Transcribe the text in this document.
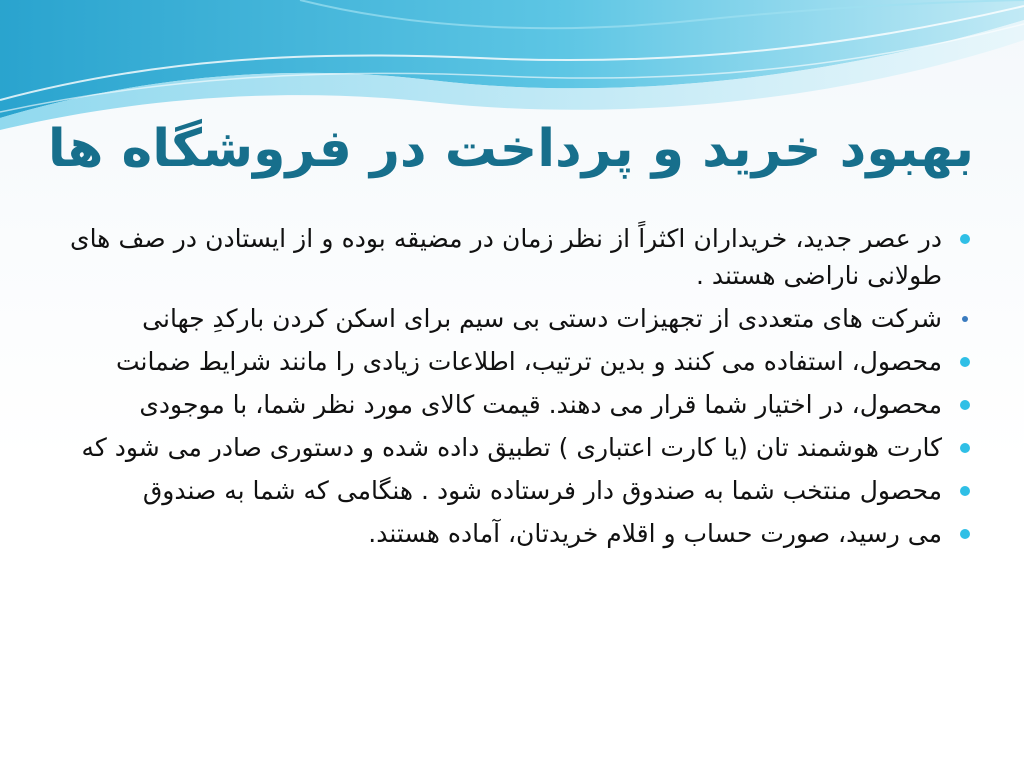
بهبود خرید و پرداخت در فروشگاه ها
در عصر جدید، خریداران اکثراً از نظر زمان در مضیقه بوده و از ایستادن در صف های طولانی ناراضی هستند .
شرکت های متعددی از تجهیزات دستی بی سیم برای اسکن کردن بارکدِ جهانی
محصول، استفاده می کنند و بدین ترتیب، اطلاعات زیادی را مانند شرایط ضمانت
محصول، در اختیار شما قرار می دهند. قیمت کالای مورد نظر شما، با موجودی
کارت هوشمند تان (یا کارت اعتباری ) تطبیق داده شده و دستوری صادر می شود که
محصول منتخب شما به صندوق دار فرستاده شود . هنگامی که شما به صندوق
می رسید، صورت حساب و اقلام خریدتان، آماده هستند.
